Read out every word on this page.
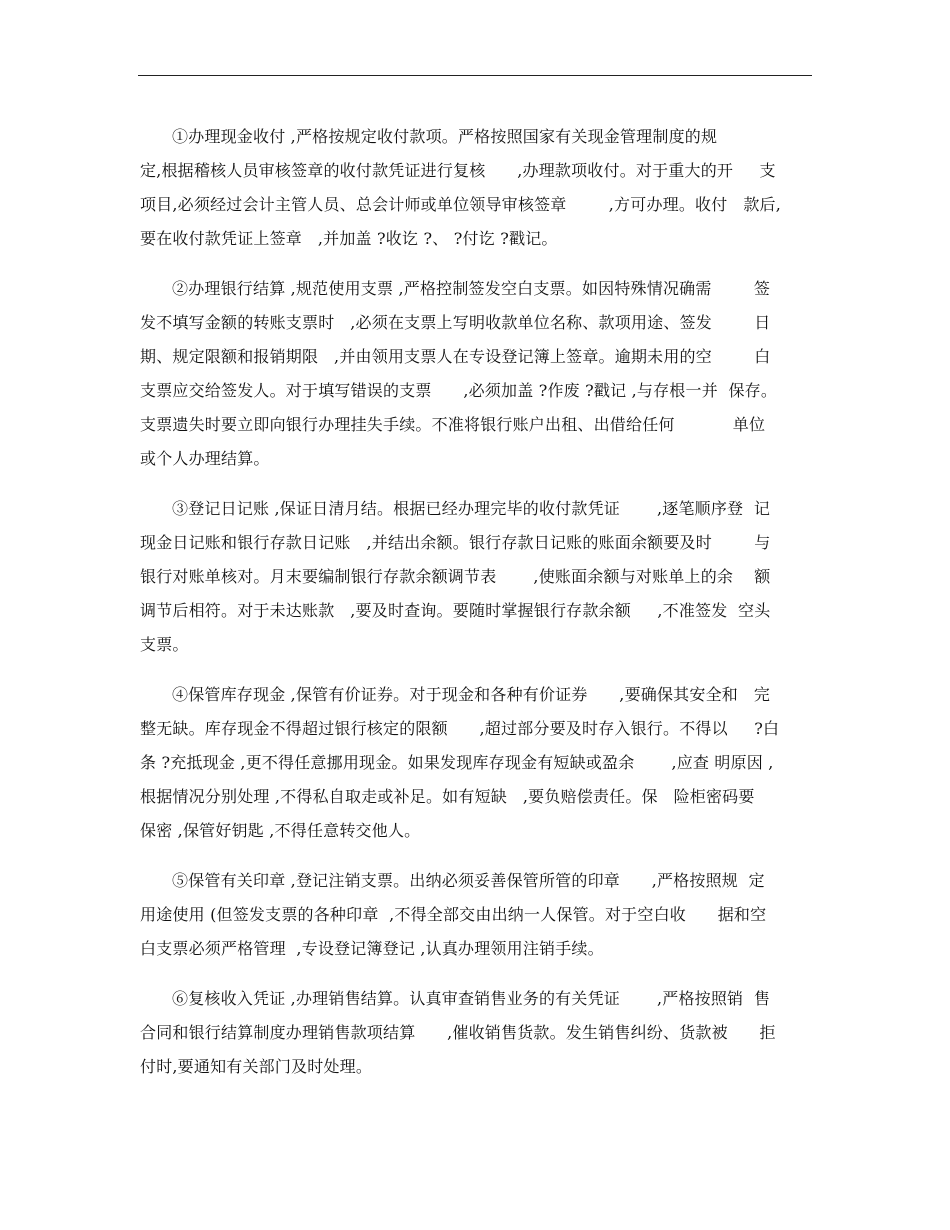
①办理现金收付 ,严格按规定收付款项。严格按照国家有关现金管理制度的规
定,根据稽核人员审核签章的收付款凭证进行复核      ,办理款项收付。对于重大的开     支
项目,必须经过会计主管人员、总会计师或单位领导审核签章        ,方可办理。收付   款后,
要在收付款凭证上签章   ,并加盖 ?收讫 ?、 ?付讫 ?戳记。
②办理银行结算 ,规范使用支票 ,严格控制签发空白支票。如因特殊情况确需        签
发不填写金额的转账支票时   ,必须在支票上写明收款单位名称、款项用途、签发        日
期、规定限额和报销期限   ,并由领用支票人在专设登记簿上签章。逾期未用的空        白
支票应交给签发人。对于填写错误的支票      ,必须加盖 ?作废 ?戳记 ,与存根一并  保存。
支票遗失时要立即向银行办理挂失手续。不准将银行账户出租、出借给任何           单位
或个人办理结算。
③登记日记账 ,保证日清月结。根据已经办理完毕的收付款凭证       ,逐笔顺序登  记
现金日记账和银行存款日记账   ,并结出余额。银行存款日记账的账面余额要及时        与
银行对账单核对。月末要编制银行存款余额调节表       ,使账面余额与对账单上的余    额
调节后相符。对于未达账款   ,要及时查询。要随时掌握银行存款余额     ,不准签发  空头
支票。
④保管库存现金 ,保管有价证券。对于现金和各种有价证券      ,要确保其安全和   完
整无缺。库存现金不得超过银行核定的限额      ,超过部分要及时存入银行。不得以     ?白
条 ?充抵现金 ,更不得任意挪用现金。如果发现库存现金有短缺或盈余       ,应查 明原因 ,
根据情况分别处理 ,不得私自取走或补足。如有短缺   ,要负赔偿责任。保   险柜密码要
保密 ,保管好钥匙 ,不得任意转交他人。
⑤保管有关印章 ,登记注销支票。出纳必须妥善保管所管的印章      ,严格按照规  定
用途使用 (但签发支票的各种印章  ,不得全部交由出纳一人保管。对于空白收      据和空
白支票必须严格管理  ,专设登记簿登记 ,认真办理领用注销手续。
⑥复核收入凭证 ,办理销售结算。认真审查销售业务的有关凭证       ,严格按照销  售
合同和银行结算制度办理销售款项结算      ,催收销售货款。发生销售纠纷、货款被      拒
付时,要通知有关部门及时处理。
